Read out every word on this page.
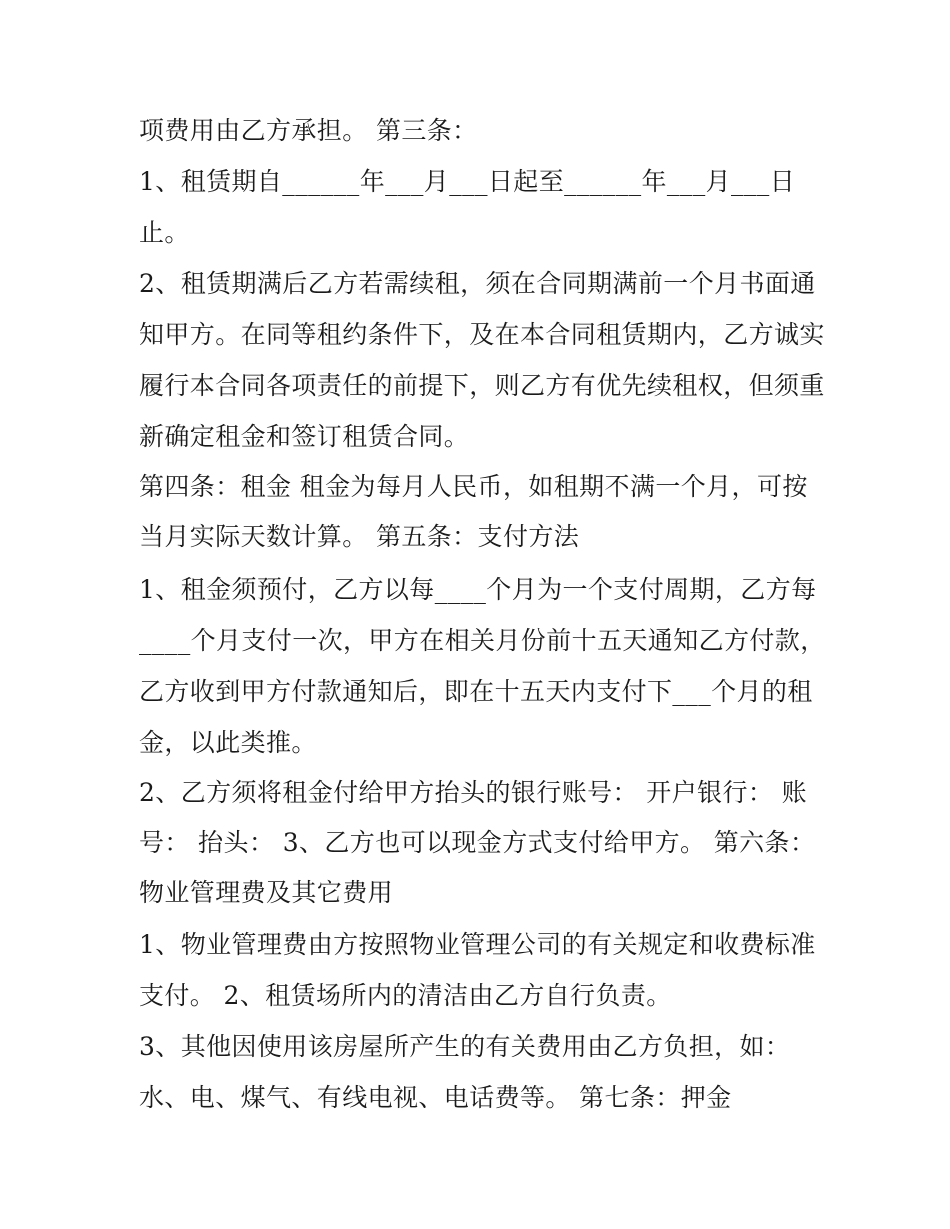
项费用由乙方承担。 第三条：

1、租赁期自______年___月___日起至______年___月___日

止。

2、租赁期满后乙方若需续租，须在合同期满前一个月书面通

知甲方。在同等租约条件下，及在本合同租赁期内，乙方诚实

履行本合同各项责任的前提下，则乙方有优先续租权，但须重

新确定租金和签订租赁合同。

第四条：租金 租金为每月人民币，如租期不满一个月，可按

当月实际天数计算。 第五条：支付方法

1、租金须预付，乙方以每____个月为一个支付周期，乙方每

____个月支付一次，甲方在相关月份前十五天通知乙方付款，

乙方收到甲方付款通知后，即在十五天内支付下___个月的租

金，以此类推。

2、乙方须将租金付给甲方抬头的银行账号： 开户银行： 账

号： 抬头： 3、乙方也可以现金方式支付给甲方。 第六条：

物业管理费及其它费用

1、物业管理费由方按照物业管理公司的有关规定和收费标准

支付。 2、租赁场所内的清洁由乙方自行负责。

3、其他因使用该房屋所产生的有关费用由乙方负担，如：

水、电、煤气、有线电视、电话费等。 第七条：押金
